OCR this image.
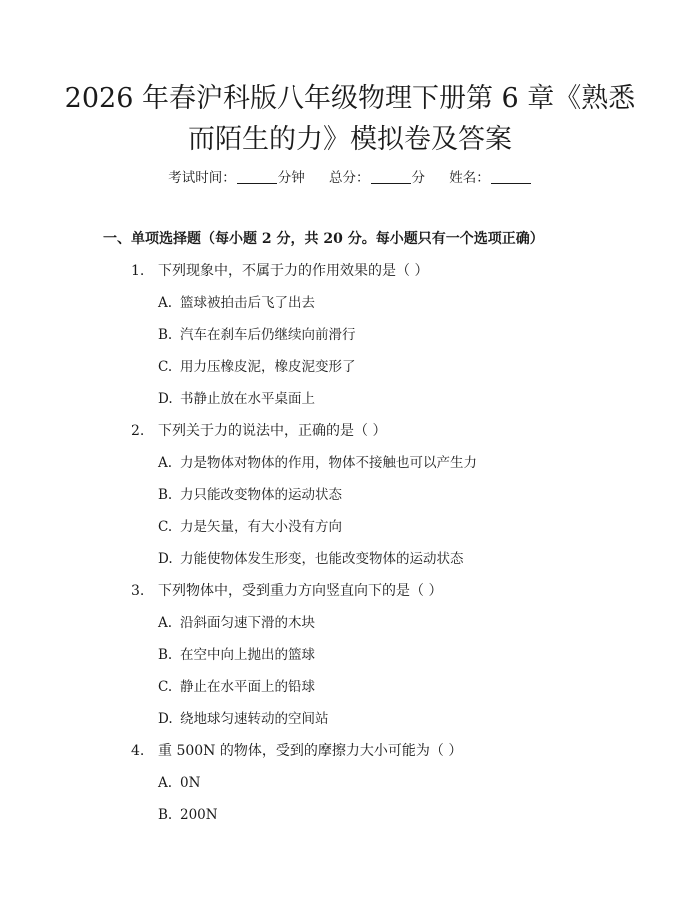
2026 年春沪科版八年级物理下册第 6 章《熟悉而陌生的力》模拟卷及答案
考试时间：	分钟 总分：	分 姓名：
一、单项选择题（每小题 2 分，共 20 分。每小题只有一个选项正确）
1. 下列现象中，不属于力的作用效果的是（ ）
A. 篮球被拍击后飞了出去
B. 汽车在刹车后仍继续向前滑行
C. 用力压橡皮泥，橡皮泥变形了
D. 书静止放在水平桌面上
2. 下列关于力的说法中，正确的是（ ）
A. 力是物体对物体的作用，物体不接触也可以产生力
B. 力只能改变物体的运动状态
C. 力是矢量，有大小没有方向
D. 力能使物体发生形变，也能改变物体的运动状态
3. 下列物体中，受到重力方向竖直向下的是（ ）
A. 沿斜面匀速下滑的木块
B. 在空中向上抛出的篮球
C. 静止在水平面上的铅球
D. 绕地球匀速转动的空间站
4. 重 500N 的物体，受到的摩擦力大小可能为（ ）
A. 0N
B. 200N
